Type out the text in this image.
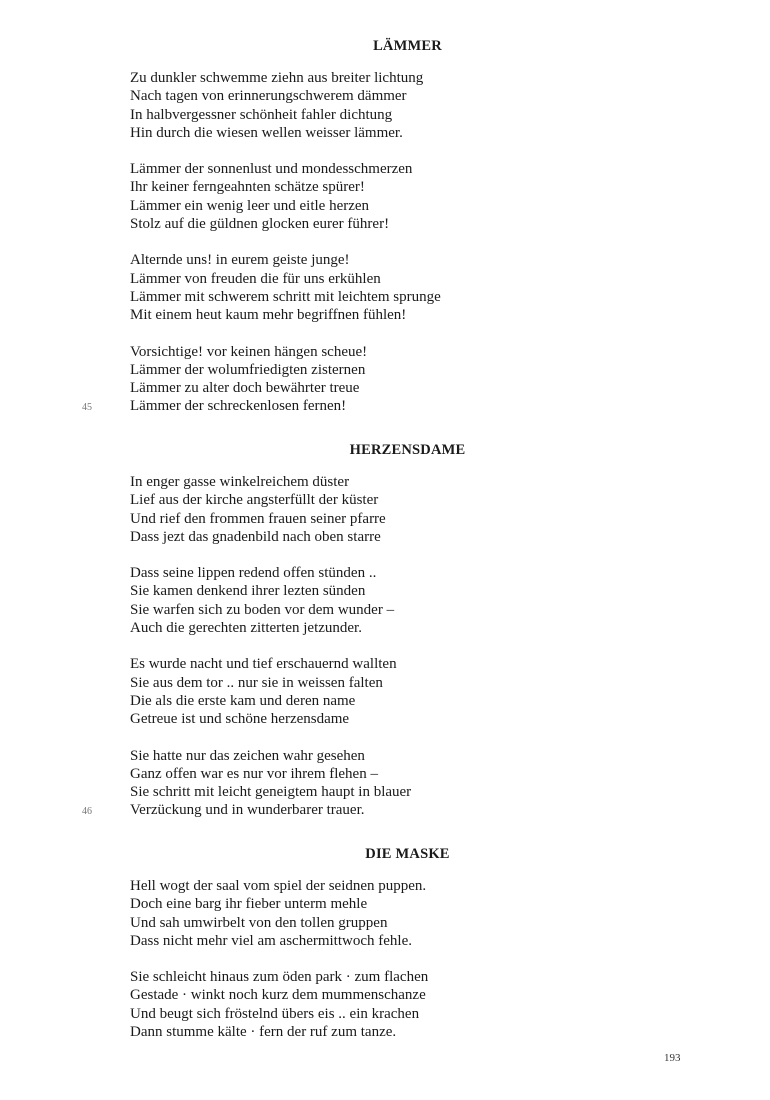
LÄMMER
Zu dunkler schwemme ziehn aus breiter lichtung
Nach tagen von erinnerungschwerem dämmer
In halbvergessner schönheit fahler dichtung
Hin durch die wiesen wellen weisser lämmer.
Lämmer der sonnenlust und mondesschmerzen
Ihr keiner ferngeahnten schätze spürer!
Lämmer ein wenig leer und eitle herzen
Stolz auf die güldnen glocken eurer führer!
Alternde uns! in eurem geiste junge!
Lämmer von freuden die für uns erkühlen
Lämmer mit schwerem schritt mit leichtem sprunge
Mit einem heut kaum mehr begriffnen fühlen!
Vorsichtige! vor keinen hängen scheue!
Lämmer der wolumfriedigten zisternen
Lämmer zu alter doch bewährter treue
Lämmer der schreckenlosen fernen!
45
HERZENSDAME
In enger gasse winkelreichem düster
Lief aus der kirche angsterfüllt der küster
Und rief den frommen frauen seiner pfarre
Dass jezt das gnadenbild nach oben starre
Dass seine lippen redend offen stünden ..
Sie kamen denkend ihrer lezten sünden
Sie warfen sich zu boden vor dem wunder –
Auch die gerechten zitterten jetzunder.
Es wurde nacht und tief erschauernd wallten
Sie aus dem tor .. nur sie in weissen falten
Die als die erste kam und deren name
Getreue ist und schöne herzensdame
Sie hatte nur das zeichen wahr gesehen
Ganz offen war es nur vor ihrem flehen –
Sie schritt mit leicht geneigtem haupt in blauer
Verzückung und in wunderbarer trauer.
46
DIE MASKE
Hell wogt der saal vom spiel der seidnen puppen.
Doch eine barg ihr fieber unterm mehle
Und sah umwirbelt von den tollen gruppen
Dass nicht mehr viel am aschermittwoch fehle.
Sie schleicht hinaus zum öden park · zum flachen
Gestade · winkt noch kurz dem mummenschanze
Und beugt sich fröstelnd übers eis .. ein krachen
Dann stumme kälte · fern der ruf zum tanze.
193
